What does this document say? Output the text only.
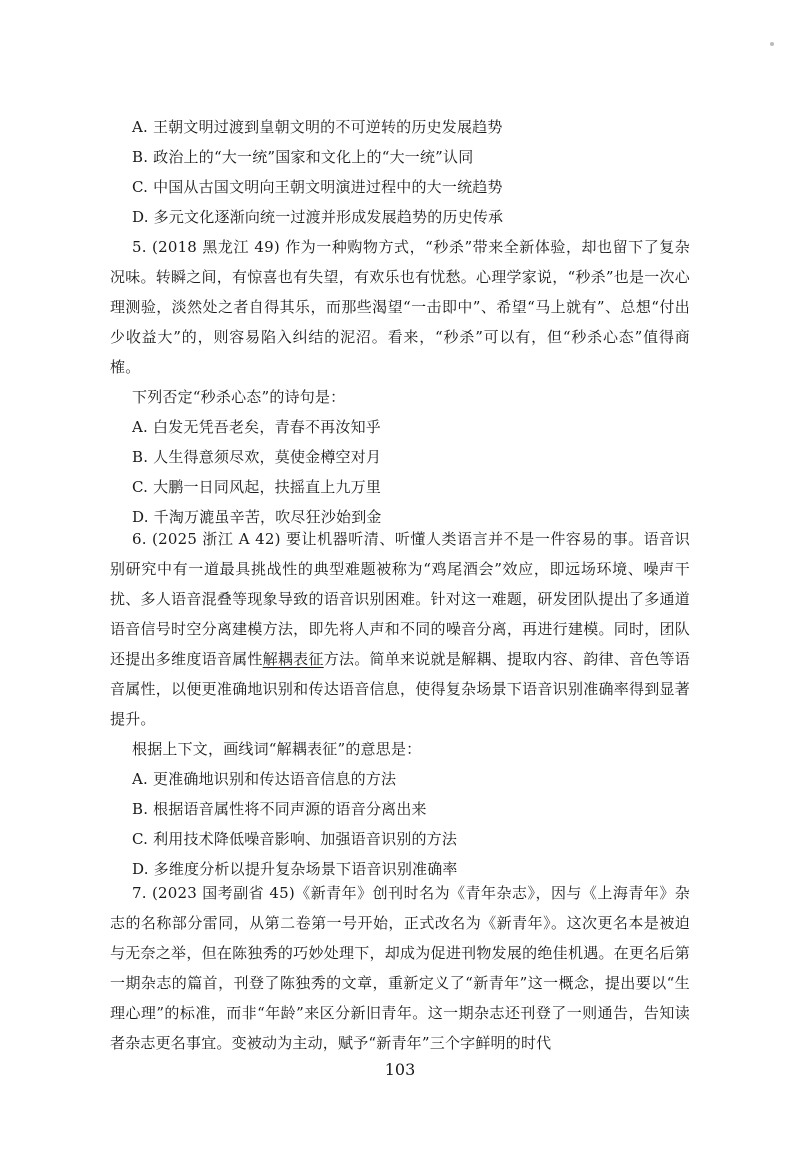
A. 王朝文明过渡到皇朝文明的不可逆转的历史发展趋势
B. 政治上的“大一统”国家和文化上的“大一统”认同
C. 中国从古国文明向王朝文明演进过程中的大一统趋势
D. 多元文化逐渐向统一过渡并形成发展趋势的历史传承
5. (2018 黑龙江 49) 作为一种购物方式，“秒杀”带来全新体验，却也留下了复杂况味。转瞬之间，有惊喜也有失望，有欢乐也有忧愁。心理学家说，“秒杀”也是一次心理测验，淡然处之者自得其乐，而那些渴望“一击即中”、希望“马上就有”、总想“付出少收益大”的，则容易陷入纠结的泥沼。看来，“秒杀”可以有，但“秒杀心态”值得商榷。
下列否定“秒杀心态”的诗句是：
A. 白发无凭吾老矣，青春不再汝知乎
B. 人生得意须尽欢，莫使金樽空对月
C. 大鹏一日同风起，扶摇直上九万里
D. 千淘万漉虽辛苦，吹尽狂沙始到金
6. (2025 浙江 A 42) 要让机器听清、听懂人类语言并不是一件容易的事。语音识别研究中有一道最具挑战性的典型难题被称为“鸡尾酒会”效应，即远场环境、噪声干扰、多人语音混叠等现象导致的语音识别困难。针对这一难题，研发团队提出了多通道语音信号时空分离建模方法，即先将人声和不同的噪音分离，再进行建模。同时，团队还提出多维度语音属性解耦表征方法。简单来说就是解耦、提取内容、韵律、音色等语音属性，以便更准确地识别和传达语音信息，使得复杂场景下语音识别准确率得到显著提升。
根据上下文，画线词“解耦表征”的意思是：
A. 更准确地识别和传达语音信息的方法
B. 根据语音属性将不同声源的语音分离出来
C. 利用技术降低噪音影响、加强语音识别的方法
D. 多维度分析以提升复杂场景下语音识别准确率
7. (2023 国考副省 45)《新青年》创刊时名为《青年杂志》，因与《上海青年》杂志的名称部分雷同，从第二卷第一号开始，正式改名为《新青年》。这次更名本是被迫与无奈之举，但在陈独秀的巧妙处理下，却成为促进刊物发展的绝佳机遇。在更名后第一期杂志的篇首，刊登了陈独秀的文章，重新定义了“新青年”这一概念，提出要以“生理心理”的标准，而非“年龄”来区分新旧青年。这一期杂志还刊登了一则通告，告知读者杂志更名事宜。变被动为主动，赋予“新青年”三个字鲜明的时代
103
